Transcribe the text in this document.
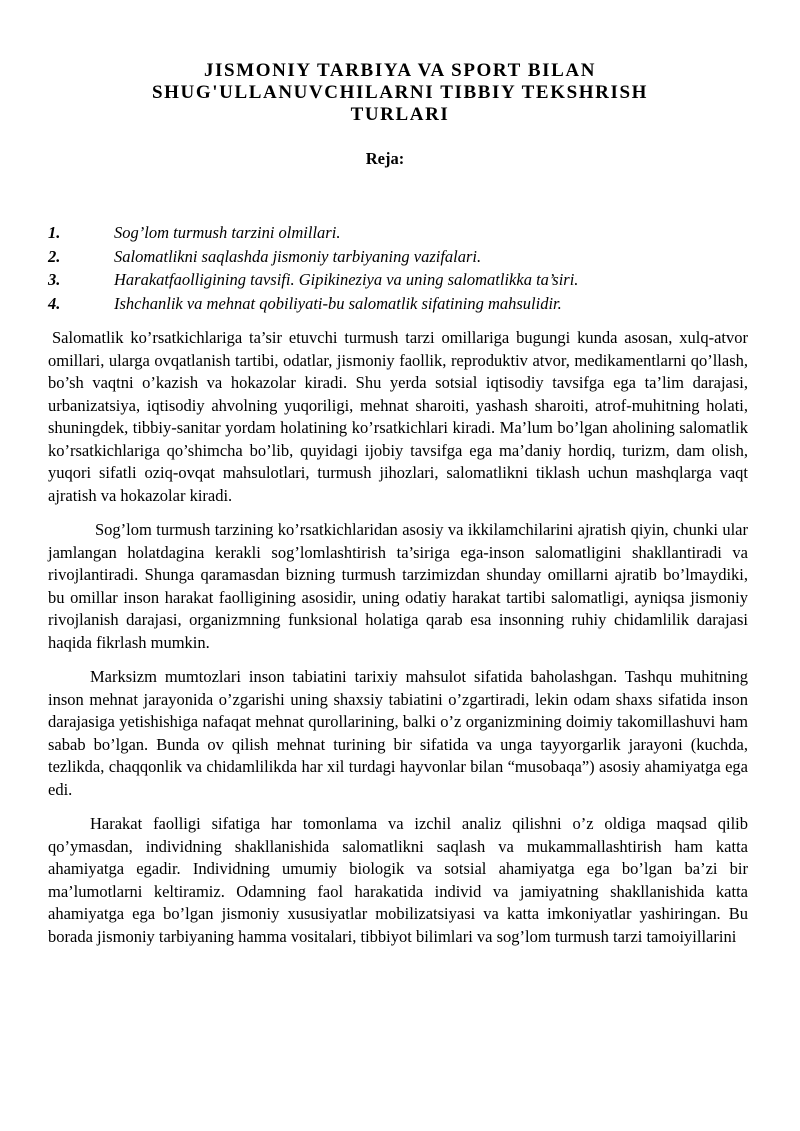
JISMONIY TARBIYA VA SPORT BILAN
SHUG'ULLANUVCHILARNI TIBBIY TEKSHRISH
TURLARI
Reja:
1.	Sog’lom turmush tarzini olmillari.
2.	Salomatlikni saqlashda jismoniy tarbiyaning vazifalari.
3.	Harakatfaolligining tavsifi. Gipikineziya va uning salomatlikka ta’siri.
4.	Ishchanlik va mehnat qobiliyati-bu salomatlik sifatining mahsulidir.

Salomatlik ko’rsatkichlariga ta’sir etuvchi turmush tarzi omillariga bugungi kunda asosan, xulq-atvor omillari, ularga ovqatlanish tartibi, odatlar, jismoniy faollik, reproduktiv atvor, medikamentlarni qo’llash, bo’sh vaqtni o’kazish va hokazolar kiradi. Shu yerda sotsial iqtisodiy tavsifga ega ta’lim darajasi, urbanizatsiya, iqtisodiy ahvolning yuqoriligi, mehnat sharoiti, yashash sharoiti, atrof-muhitning holati, shuningdek, tibbiy-sanitar yordam holatining ko’rsatkichlari kiradi. Ma’lum bo’lgan aholining salomatlik ko’rsatkichlariga qo’shimcha bo’lib, quyidagi ijobiy tavsifga ega ma’daniy hordiq, turizm, dam olish, yuqori sifatli oziq-ovqat mahsulotlari, turmush jihozlari, salomatlikni tiklash uchun mashqlarga vaqt ajratish va hokazolar kiradi.

Sog’lom turmush tarzining ko’rsatkichlaridan asosiy va ikkilamchilarini ajratish qiyin, chunki ular jamlangan holatdagina kerakli sog’lomlashtirish ta’siriga ega-inson salomatligini shakllantiradi va rivojlantiradi. Shunga qaramasdan bizning turmush tarzimizdan shunday omillarni ajratib bo’lmaydiki, bu omillar inson harakat faolligining asosidir, uning odatiy harakat tartibi salomatligi, ayniqsa jismoniy rivojlanish darajasi, organizmning funksional holatiga qarab esa insonning ruhiy chidamlilik darajasi haqida fikrlash mumkin.

Marksizm mumtozlari inson tabiatini tarixiy mahsulot sifatida baholashgan. Tashqu muhitning inson mehnat jarayonida o’zgarishi uning shaxsiy tabiatini o’zgartiradi, lekin odam shaxs sifatida inson darajasiga yetishishiga nafaqat mehnat qurollarining, balki o’z organizmining doimiy takomillashuvi ham sabab bo’lgan. Bunda ov qilish mehnat turining bir sifatida va unga tayyorgarlik jarayoni (kuchda, tezlikda, chaqqonlik va chidamlilikda har xil turdagi hayvonlar bilan “musobaqa”) asosiy ahamiyatga ega edi.

Harakat faolligi sifatiga har tomonlama va izchil analiz qilishni o’z oldiga maqsad qilib qo’ymasdan, individning shakllanishida salomatlikni saqlash va mukammallashtirish ham katta ahamiyatga egadir. Individning umumiy biologik va sotsial ahamiyatga ega bo’lgan ba’zi bir ma’lumotlarni keltiramiz. Odamning faol harakatida individ va jamiyatning shakllanishida katta ahamiyatga ega bo’lgan jismoniy xususiyatlar mobilizatsiyasi va katta imkoniyatlar yashiringan. Bu borada jismoniy tarbiyaning hamma vositalari, tibbiyot bilimlari va sog’lom turmush tarzi tamoiyillarini
